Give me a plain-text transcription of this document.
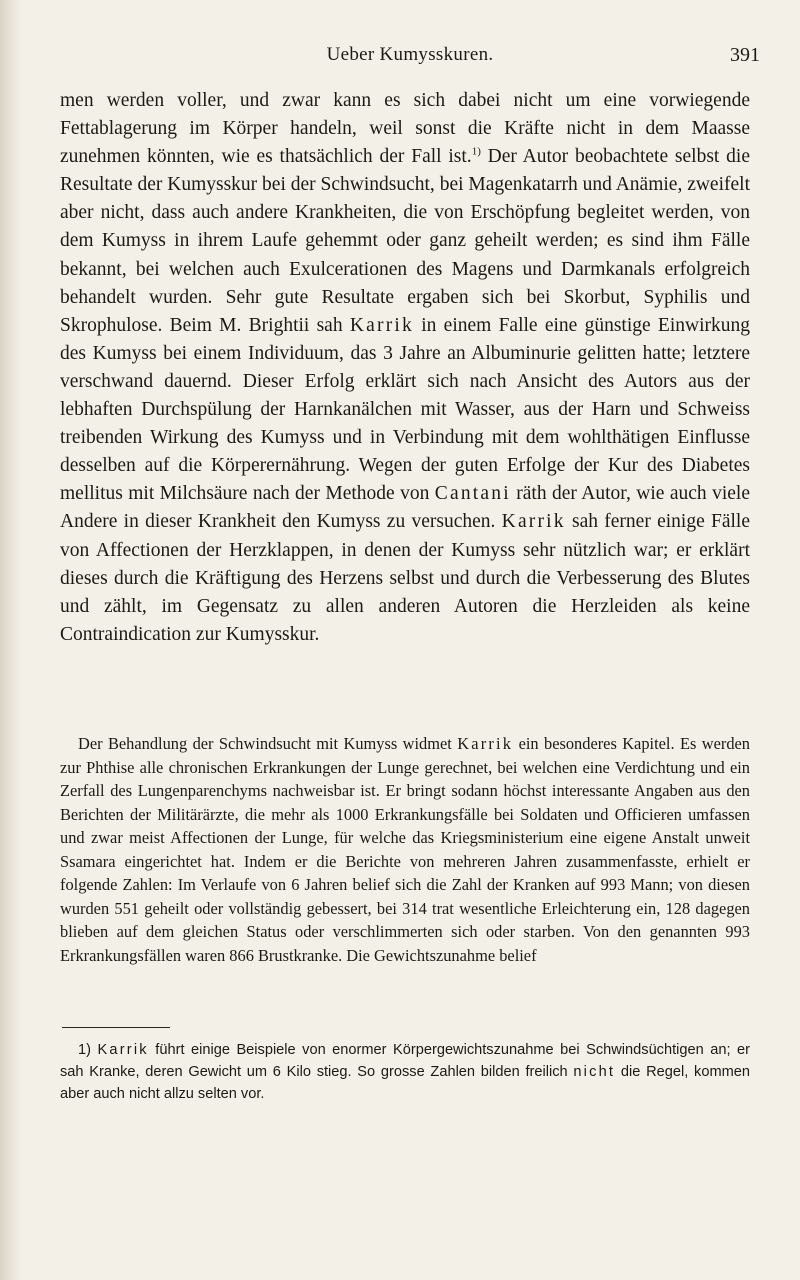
Ueber Kumysskuren.	391

men werden voller, und zwar kann es sich dabei nicht um eine vorwiegende Fettablagerung im Körper handeln, weil sonst die Kräfte nicht in dem Maasse zunehmen könnten, wie es thatsächlich der Fall ist.$^{1)}$ Der Autor beobachtete selbst die Resultate der Kumysskur bei der Schwindsucht, bei Magenkatarrh und Anämie, zweifelt aber nicht, dass auch andere Krankheiten, die von Erschöpfung begleitet werden, von dem Kumyss in ihrem Laufe gehemmt oder ganz geheilt werden; es sind ihm Fälle bekannt, bei welchen auch Exulcerationen des Magens und Darmkanals erfolgreich behandelt wurden. Sehr gute Resultate ergaben sich bei Skorbut, Syphilis und Skrophulose. Beim M. Brightii sah Karrik in einem Falle eine günstige Einwirkung des Kumyss bei einem Individuum, das 3 Jahre an Albuminurie gelitten hatte; letztere verschwand dauernd. Dieser Erfolg erklärt sich nach Ansicht des Autors aus der lebhaften Durchspülung der Harnkanälchen mit Wasser, aus der Harn und Schweiss treibenden Wirkung des Kumyss und in Verbindung mit dem wohlthätigen Einflusse desselben auf die Körperernährung. Wegen der guten Erfolge der Kur des Diabetes mellitus mit Milchsäure nach der Methode von Cantani räth der Autor, wie auch viele Andere in dieser Krankheit den Kumyss zu versuchen. Karrik sah ferner einige Fälle von Affectionen der Herzklappen, in denen der Kumyss sehr nützlich war; er erklärt dieses durch die Kräftigung des Herzens selbst und durch die Verbesserung des Blutes und zählt, im Gegensatz zu allen anderen Autoren die Herzleiden als keine Contraindication zur Kumysskur.

Der Behandlung der Schwindsucht mit Kumyss widmet Karrik ein besonderes Kapitel. Es werden zur Phthise alle chronischen Erkrankungen der Lunge gerechnet, bei welchen eine Verdichtung und ein Zerfall des Lungenparenchyms nachweisbar ist. Er bringt sodann höchst interessante Angaben aus den Berichten der Militärärzte, die mehr als 1000 Erkrankungsfälle bei Soldaten und Officieren umfassen und zwar meist Affectionen der Lunge, für welche das Kriegsministerium eine eigene Anstalt unweit Ssamara eingerichtet hat. Indem er die Berichte von mehreren Jahren zusammenfasste, erhielt er folgende Zahlen: Im Verlaufe von 6 Jahren belief sich die Zahl der Kranken auf 993 Mann; von diesen wurden 551 geheilt oder vollständig gebessert, bei 314 trat wesentliche Erleichterung ein, 128 dagegen blieben auf dem gleichen Status oder verschlimmerten sich oder starben. Von den genannten 993 Erkrankungsfällen waren 866 Brustkranke. Die Gewichtszunahme belief

1) Karrik führt einige Beispiele von enormer Körpergewichtszunahme bei Schwindsüchtigen an; er sah Kranke, deren Gewicht um 6 Kilo stieg. So grosse Zahlen bilden freilich nicht die Regel, kommen aber auch nicht allzu selten vor.
